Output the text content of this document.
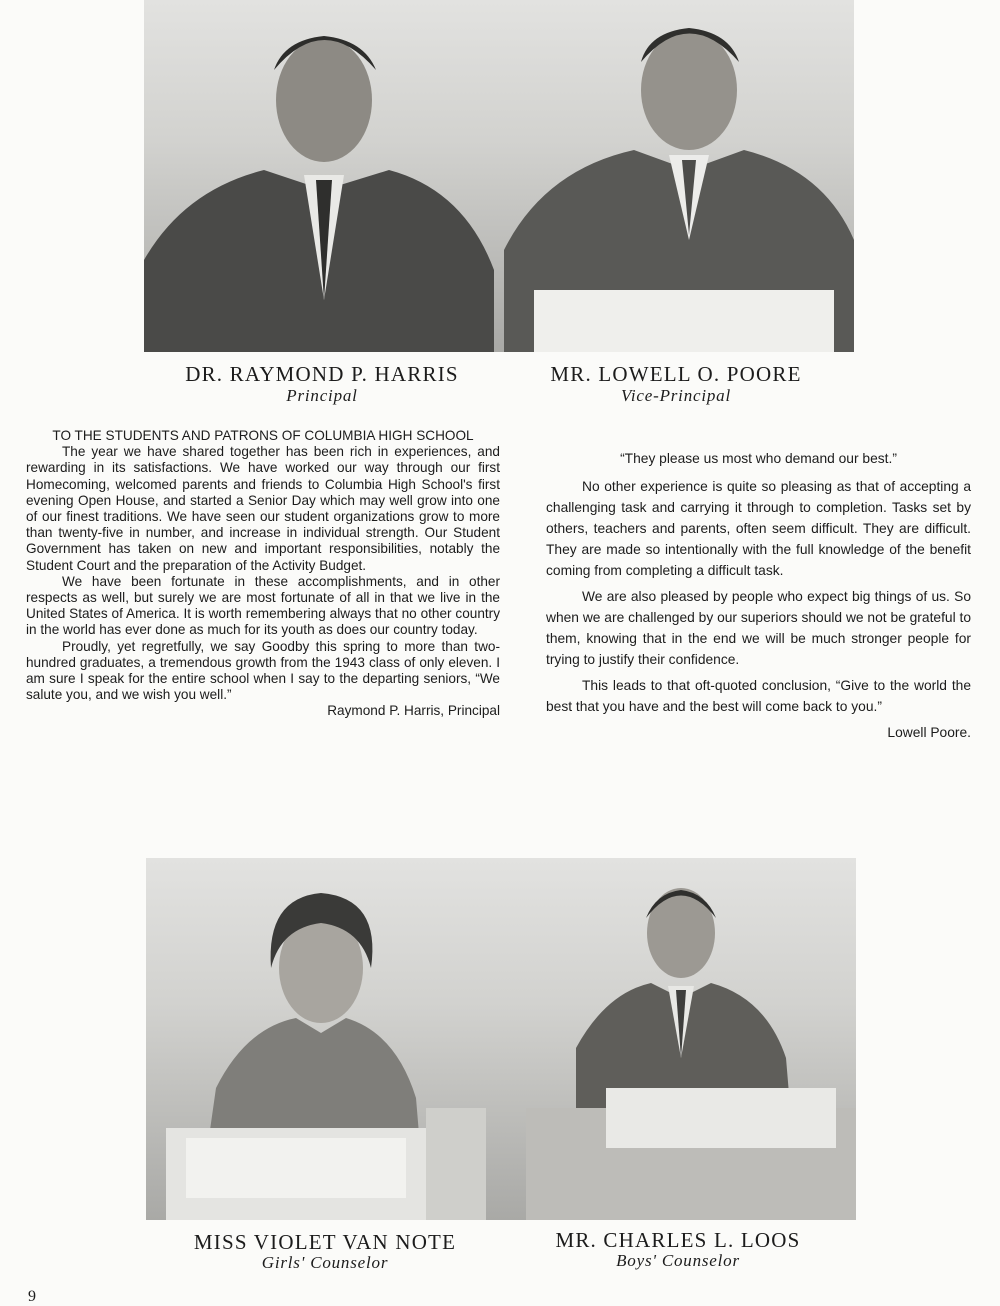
DR. RAYMOND P. HARRIS
Principal
MR. LOWELL O. POORE
Vice-Principal
TO THE STUDENTS AND PATRONS OF COLUMBIA HIGH SCHOOL

The year we have shared together has been rich in experiences, and rewarding in its satisfactions. We have worked our way through our first Homecoming, welcomed parents and friends to Columbia High School's first evening Open House, and started a Senior Day which may well grow into one of our finest traditions. We have seen our student organizations grow to more than twenty-five in number, and increase in individual strength. Our Student Government has taken on new and important responsibilities, notably the Student Court and the preparation of the Activity Budget.

We have been fortunate in these accomplishments, and in other respects as well, but surely we are most fortunate of all in that we live in the United States of America. It is worth remembering always that no other country in the world has ever done as much for its youth as does our country today.

Proudly, yet regretfully, we say Goodby this spring to more than two-hundred graduates, a tremendous growth from the 1943 class of only eleven. I am sure I speak for the entire school when I say to the departing seniors, “We salute you, and we wish you well.”

Raymond P. Harris, Principal

“They please us most who demand our best.”

No other experience is quite so pleasing as that of accepting a challenging task and carrying it through to completion. Tasks set by others, teachers and parents, often seem difficult. They are difficult. They are made so intentionally with the full knowledge of the benefit coming from completing a difficult task.

We are also pleased by people who expect big things of us. So when we are challenged by our superiors should we not be grateful to them, knowing that in the end we will be much stronger people for trying to justify their confidence.

This leads to that oft-quoted conclusion, “Give to the world the best that you have and the best will come back to you.”

Lowell Poore.

MISS VIOLET VAN NOTE
Girls' Counselor
MR. CHARLES L. LOOS
Boys' Counselor
9
